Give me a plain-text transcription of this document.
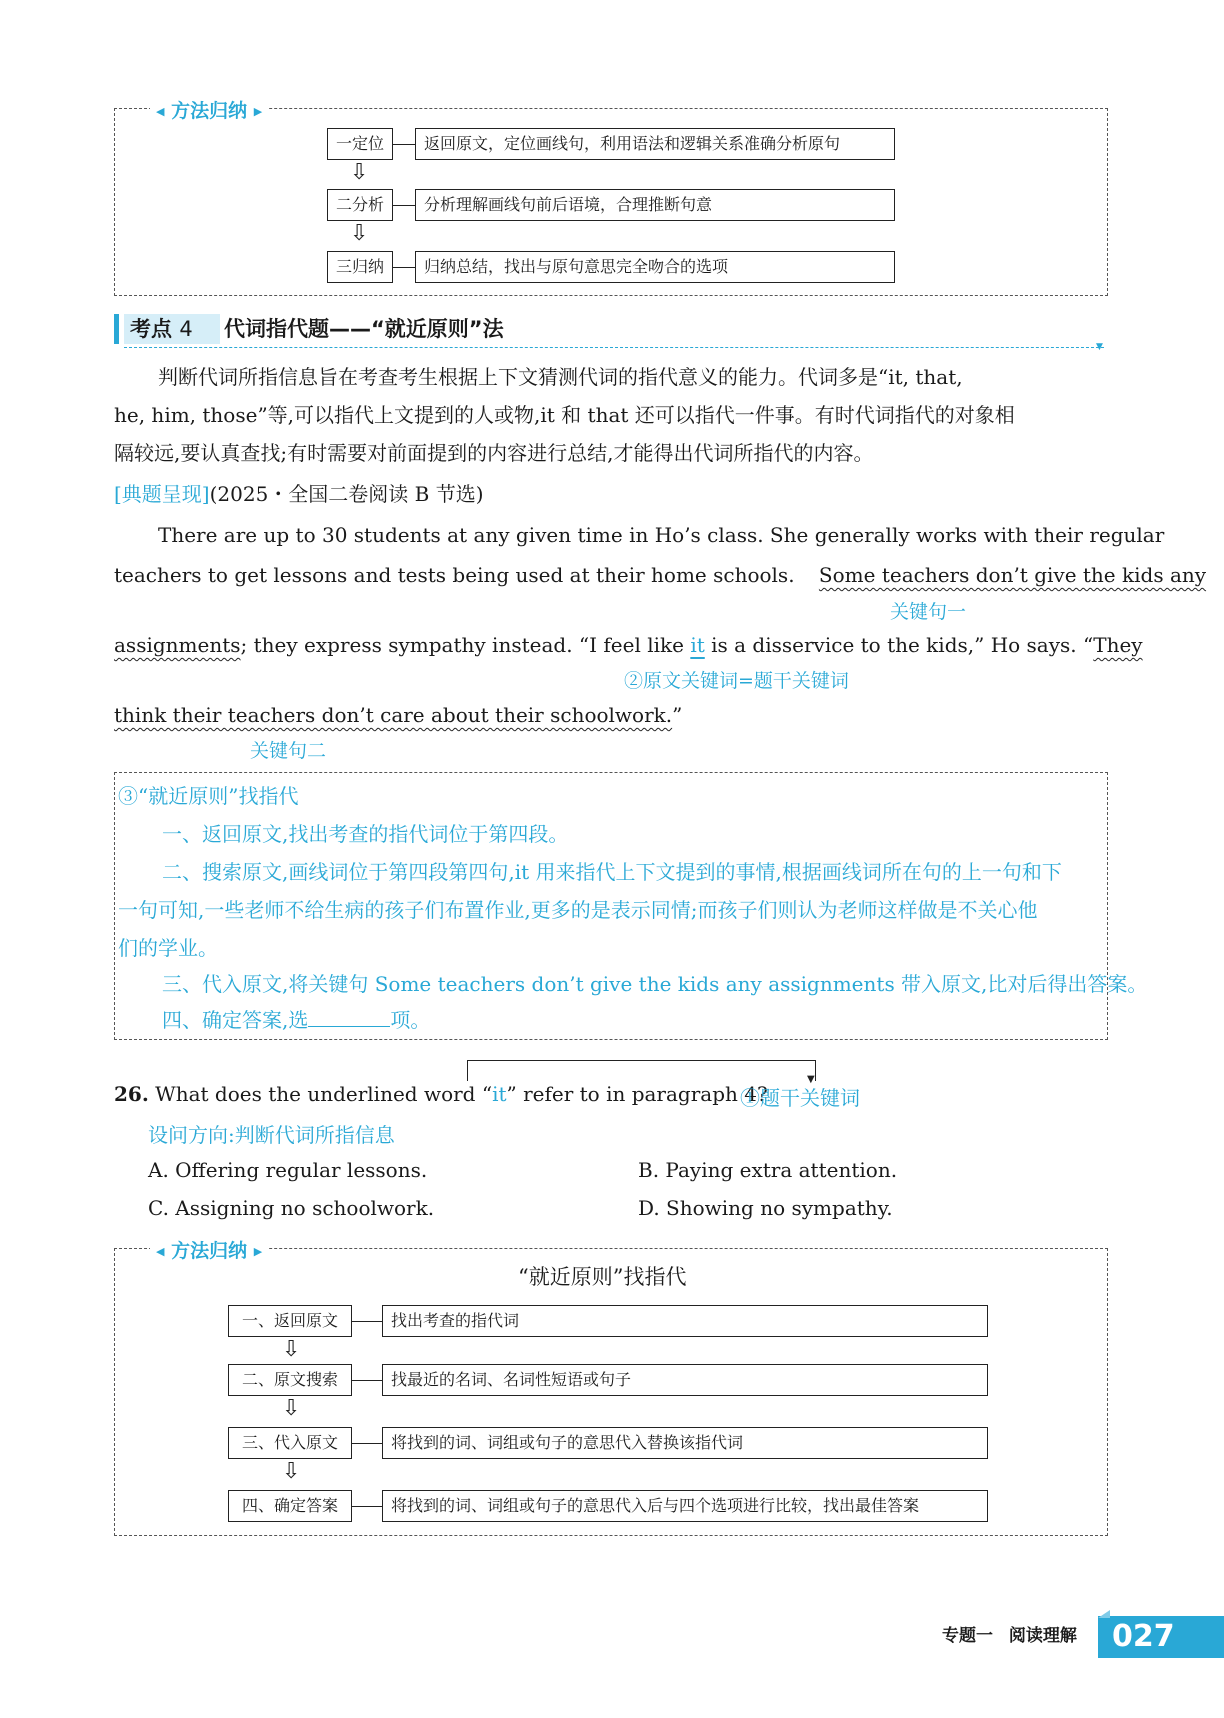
◀ 方法归纳 ▶
一定位	返回原文，定位画线句，利用语法和逻辑关系准确分析原句
⇩
二分析	分析理解画线句前后语境，合理推断句意
⇩
三归纳	归纳总结，找出与原句意思完全吻合的选项
考点 4 代词指代题——“就近原则”法
▼
判断代词所指信息旨在考查考生根据上下文猜测代词的指代意义的能力。代词多是“it, that,
he, him, those”等,可以指代上文提到的人或物,it 和 that 还可以指代一件事。有时代词指代的对象相
隔较远,要认真查找;有时需要对前面提到的内容进行总结,才能得出代词所指代的内容。
[典题呈现](2025・全国二卷阅读 B 节选)
There are up to 30 students at any given time in Ho’s class. She generally works with their regular
teachers to get lessons and tests being used at their home schools. Some teachers don’t give the kids any
关键句一
assignments; they express sympathy instead. “I feel like it is a disservice to the kids,” Ho says. “They
②原文关键词=题干关键词
think their teachers don’t care about their schoolwork.”
关键句二
③“就近原则”找指代
一、返回原文,找出考查的指代词位于第四段。
二、搜索原文,画线词位于第四段第四句,it 用来指代上下文提到的事情,根据画线词所在句的上一句和下
一句可知,一些老师不给生病的孩子们布置作业,更多的是表示同情;而孩子们则认为老师这样做是不关心他
们的学业。
三、代入原文,将关键句 Some teachers don’t give the kids any assignments 带入原文,比对后得出答案。
四、确定答案,选	项。
▼
26. What does the underlined word “it” refer to in paragraph 4?
①题干关键词
设问方向:判断代词所指信息
A. Offering regular lessons.	B. Paying extra attention.
C. Assigning no schoolwork.	D. Showing no sympathy.
◀ 方法归纳 ▶
“就近原则”找指代
一、返回原文	找出考查的指代词
⇩
二、原文搜索	找最近的名词、名词性短语或句子
⇩
三、代入原文	将找到的词、词组或句子的意思代入替换该指代词
⇩
四、确定答案	将找到的词、词组或句子的意思代入后与四个选项进行比较，找出最佳答案
专题一 阅读理解 027
